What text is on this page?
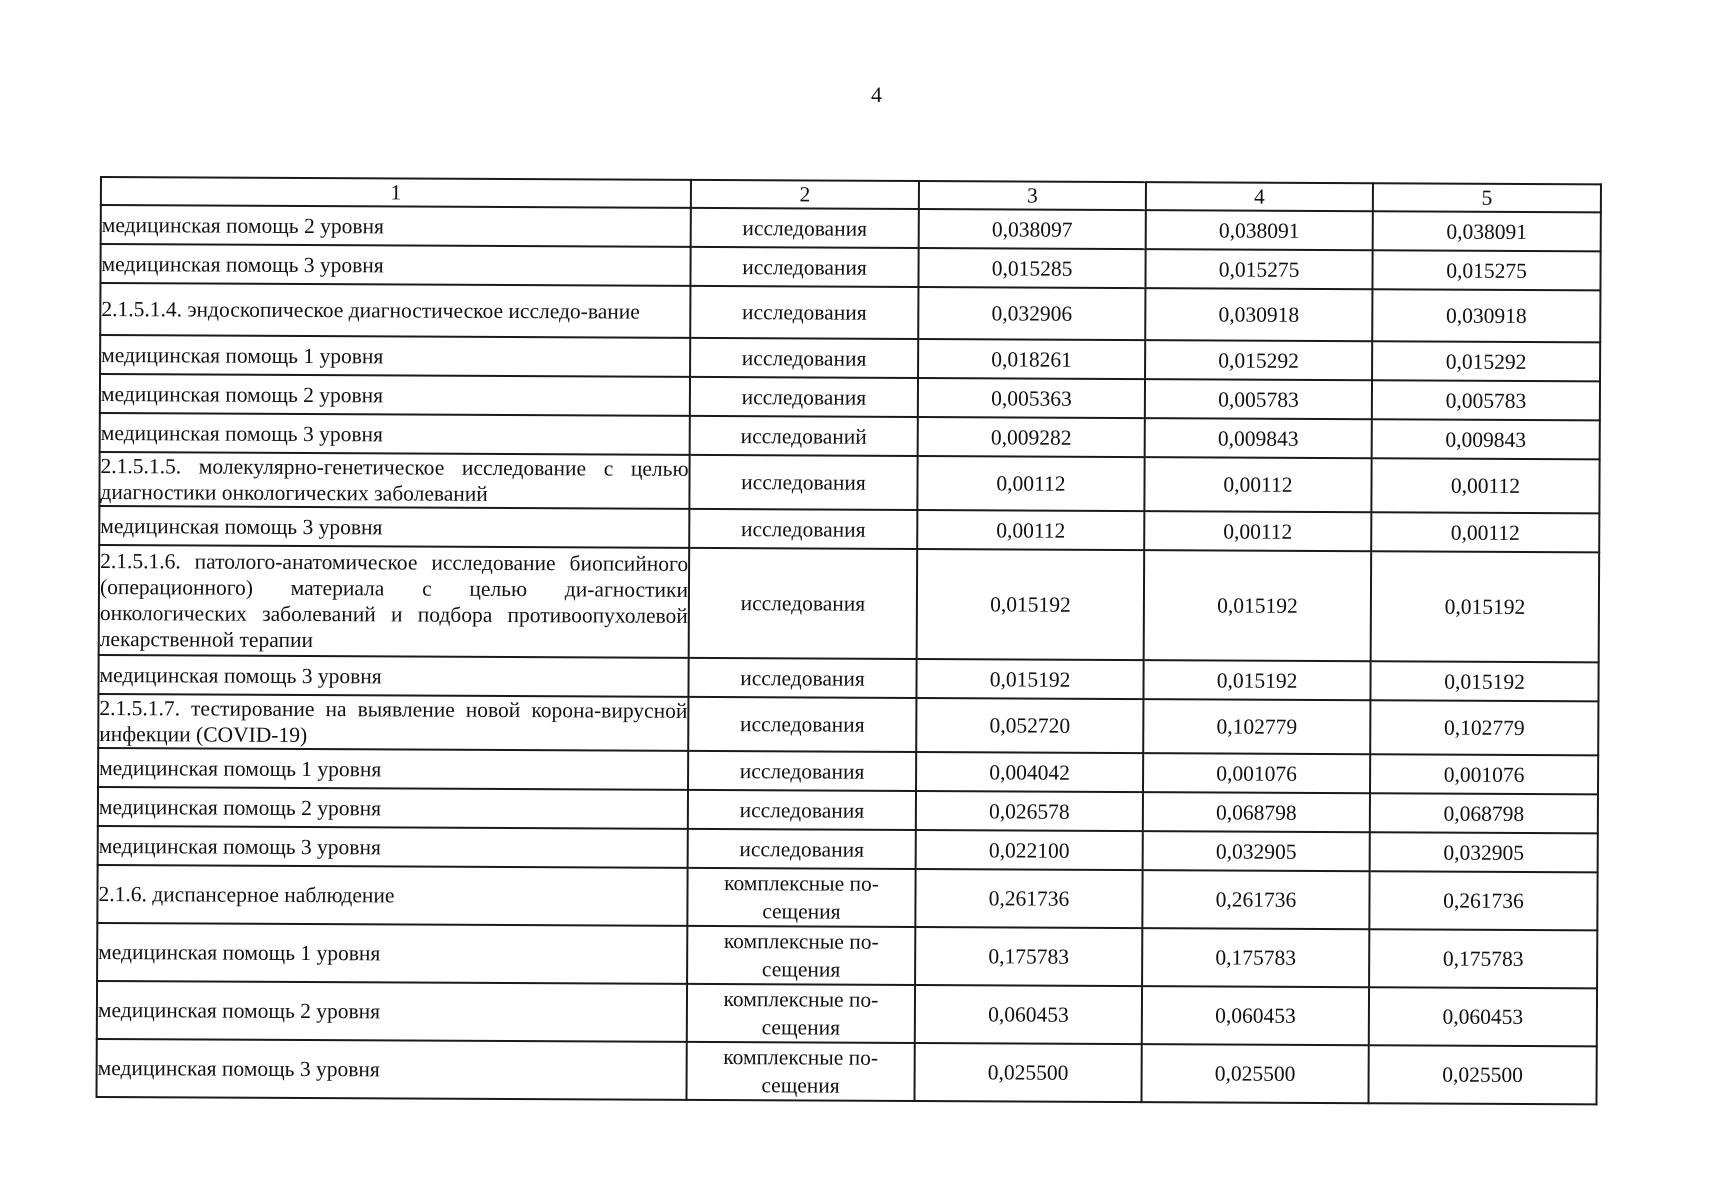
4
1	2	3	4	5
медицинская помощь 2 уровня	исследования	0,038097	0,038091	0,038091
медицинская помощь 3 уровня	исследования	0,015285	0,015275	0,015275
2.1.5.1.4. эндоскопическое диагностическое исследо-вание	исследования	0,032906	0,030918	0,030918
медицинская помощь 1 уровня	исследования	0,018261	0,015292	0,015292
медицинская помощь 2 уровня	исследования	0,005363	0,005783	0,005783
медицинская помощь 3 уровня	исследований	0,009282	0,009843	0,009843
2.1.5.1.5. молекулярно-генетическое исследование с целью диагностики онкологических заболеваний	исследования	0,00112	0,00112	0,00112
медицинская помощь 3 уровня	исследования	0,00112	0,00112	0,00112
2.1.5.1.6. патолого-анатомическое исследование биопсийного (операционного) материала с целью ди-агностики онкологических заболеваний и подбора противоопухолевой лекарственной терапии	исследования	0,015192	0,015192	0,015192
медицинская помощь 3 уровня	исследования	0,015192	0,015192	0,015192
2.1.5.1.7. тестирование на выявление новой корона-вирусной инфекции (COVID-19)	исследования	0,052720	0,102779	0,102779
медицинская помощь 1 уровня	исследования	0,004042	0,001076	0,001076
медицинская помощь 2 уровня	исследования	0,026578	0,068798	0,068798
медицинская помощь 3 уровня	исследования	0,022100	0,032905	0,032905
2.1.6. диспансерное наблюдение	комплексные по-сещения	0,261736	0,261736	0,261736
медицинская помощь 1 уровня	комплексные по-сещения	0,175783	0,175783	0,175783
медицинская помощь 2 уровня	комплексные по-сещения	0,060453	0,060453	0,060453
медицинская помощь 3 уровня	комплексные по-сещения	0,025500	0,025500	0,025500
